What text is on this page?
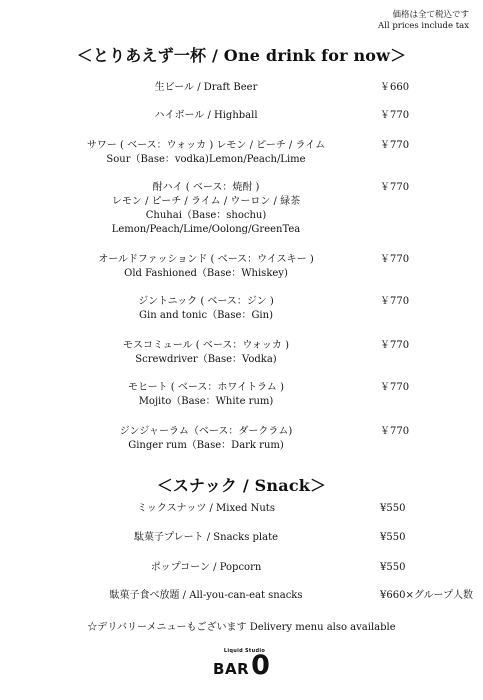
価格は全て税込です
All prices include tax
＜とりあえず一杯 / One drink for now＞
生ビール / Draft Beer	￥660
ハイボール / Highball	￥770
サワー ( ベース：ウォッカ ) レモン / ピーチ / ライム
Sour（Base：vodka)Lemon/Peach/Lime
￥770
酎ハイ ( ベース：焼酎 )
レモン / ピーチ / ライム / ウーロン / 緑茶
Chuhai（Base：shochu)
Lemon/Peach/Lime/Oolong/GreenTea
￥770
オールドファッションド ( ベース：ウイスキー )
Old Fashioned（Base：Whiskey)
￥770
ジントニック ( ベース：ジン )
Gin and tonic（Base：Gin)
￥770
モスコミュール ( ベース：ウォッカ )
Screwdriver（Base：Vodka)
￥770
モヒート ( ベース：ホワイトラム )
Mojito（Base：White rum)
￥770
ジンジャーラム（ベース：ダークラム)
Ginger rum（Base：Dark rum)
￥770
＜スナック / Snack＞
ミックスナッツ / Mixed Nuts	¥550
駄菓子プレート / Snacks plate	¥550
ポップコーン / Popcorn	¥550
駄菓子食べ放題 / All-you-can-eat snacks	¥660×グループ人数
☆デリバリーメニューもございます Delivery menu also available
Liquid Studio
BAR0
